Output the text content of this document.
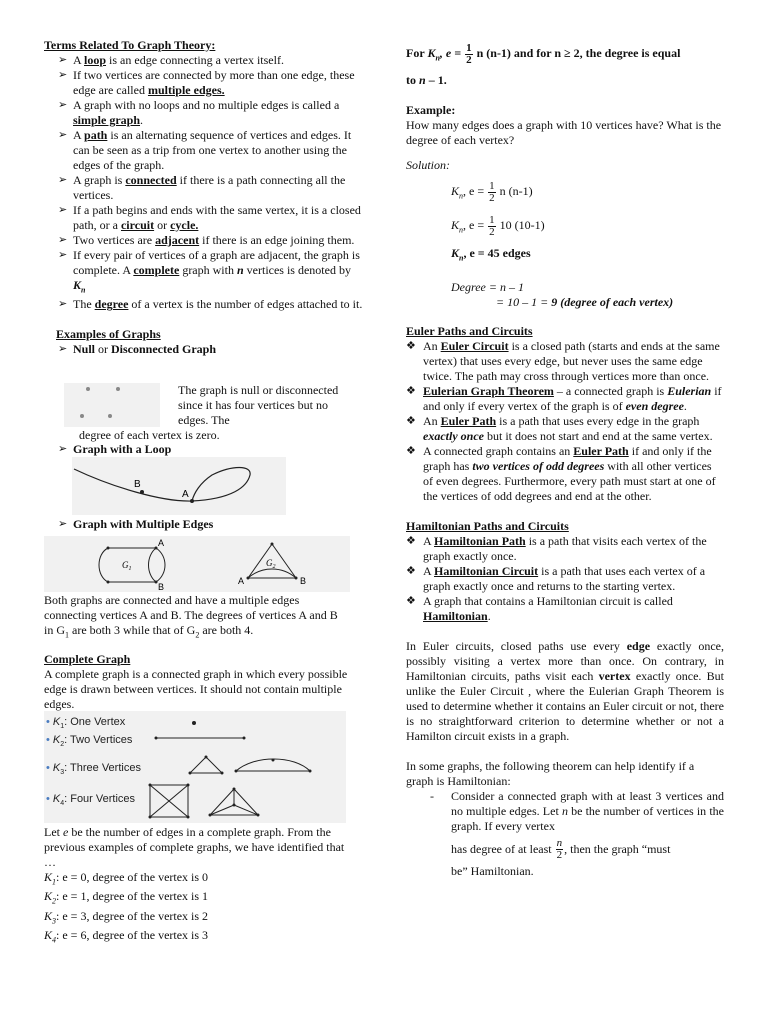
Terms Related To Graph Theory:
➢ A loop is an edge connecting a vertex itself.
➢ If two vertices are connected by more than one edge, these edge are called multiple edges.
➢ A graph with no loops and no multiple edges is called a simple graph.
➢ A path is an alternating sequence of vertices and edges. It can be seen as a trip from one vertex to another using the edges of the graph.
➢ A graph is connected if there is a path connecting all the vertices.
➢ If a path begins and ends with the same vertex, it is a closed path, or a circuit or cycle.
➢ Two vertices are adjacent if there is an edge joining them.
➢ If every pair of vertices of a graph are adjacent, the graph is complete. A complete graph with n vertices is denoted by $K_n$
➢ The degree of a vertex is the number of edges attached to it.
Examples of Graphs
➢ Null or Disconnected Graph
The graph is null or disconnected since it has four vertices but no edges. The
degree of each vertex is zero.
➢ Graph with a Loop
B
A
➢ Graph with Multiple Edges
A
B
$G_1$
A	B
$G_2$
Both graphs are connected and have a multiple edges connecting vertices A and B. The degrees of vertices A and B in $G_1$ are both 3 while that of $G_2$ are both 4.
Complete Graph
A complete graph is a connected graph in which every possible edge is drawn between vertices. It should not contain multiple edges.
• $K_1$: One Vertex
• $K_2$: Two Vertices
• $K_3$: Three Vertices
• $K_4$: Four Vertices
Let e be the number of edges in a complete graph. From the previous examples of complete graphs, we have identified that …
$K_1$: e = 0, degree of the vertex is 0
$K_2$: e = 1, degree of the vertex is 1
$K_3$: e = 3, degree of the vertex is 2
$K_4$: e = 6, degree of the vertex is 3
For $K_n$, $e = \frac{1}{2}$ n (n-1) and for n ≥ 2, the degree is equal
to n – 1.
Example:
How many edges does a graph with 10 vertices have? What is the degree of each vertex?
Solution:
$K_n$, $e = \frac{1}{2}$ n (n-1)
$K_n$, $e = \frac{1}{2} 10$ (10-1)
$K_n$, e = 45 edges
Degree = n – 1
= 10 – 1 = 9 (degree of each vertex)
Euler Paths and Circuits
❖ An Euler Circuit is a closed path (starts and ends at the same vertex) that uses every edge, but never uses the same edge twice. The path may cross through vertices more than once.
❖ Eulerian Graph Theorem – a connected graph is Eulerian if and only if every vertex of the graph is of even degree.
❖ An Euler Path is a path that uses every edge in the graph exactly once but it does not start and end at the same vertex.
❖ A connected graph contains an Euler Path if and only if the graph has two vertices of odd degrees with all other vertices of even degrees. Furthermore, every path must start at one of the vertices of odd degrees and end at the other.
Hamiltonian Paths and Circuits
❖ A Hamiltonian Path is a path that visits each vertex of the graph exactly once.
❖ A Hamiltonian Circuit is a path that uses each vertex of a graph exactly once and returns to the starting vertex.
❖ A graph that contains a Hamiltonian circuit is called Hamiltonian.
In Euler circuits, closed paths use every edge exactly once, possibly visiting a vertex more than once. On contrary, in Hamiltonian circuits, paths visit each vertex exactly once. But unlike the Euler Circuit , where the Eulerian Graph Theorem is used to determine whether it contains an Euler circuit or not, there is no straightforward criterion to determine whether or not a Hamilton circuit exists in a graph.
In some graphs, the following theorem can help identify if a graph is Hamiltonian:
- Consider a connected graph with at least 3 vertices and no multiple edges. Let n be the number of vertices in the graph. If every vertex
has degree of at least $\frac{n}{2}$ , then the graph “must
be” Hamiltonian.
